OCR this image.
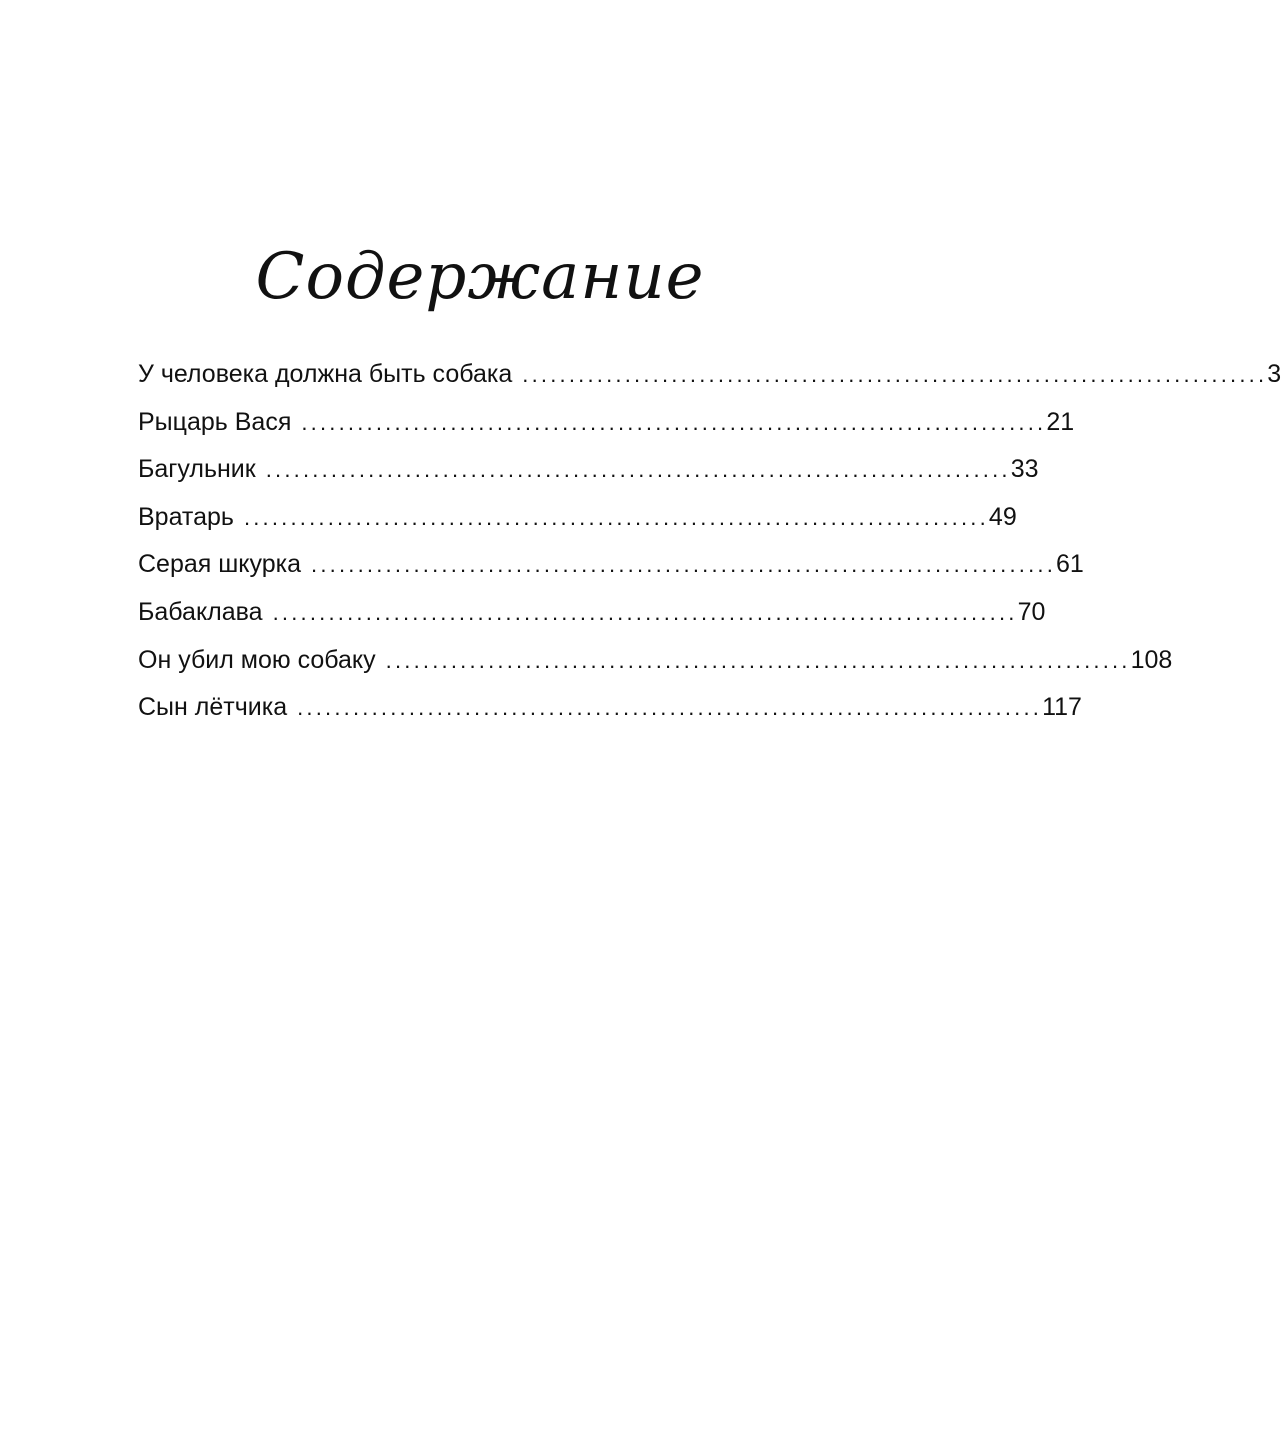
Содержание
У человека должна быть собака ................................................................................ 3
Рыцарь Вася ................................................................................ 21
Багульник ................................................................................ 33
Вратарь ................................................................................ 49
Серая шкурка ................................................................................ 61
Бабаклава ................................................................................ 70
Он убил мою собаку ................................................................................ 108
Сын лётчика ................................................................................ 117
